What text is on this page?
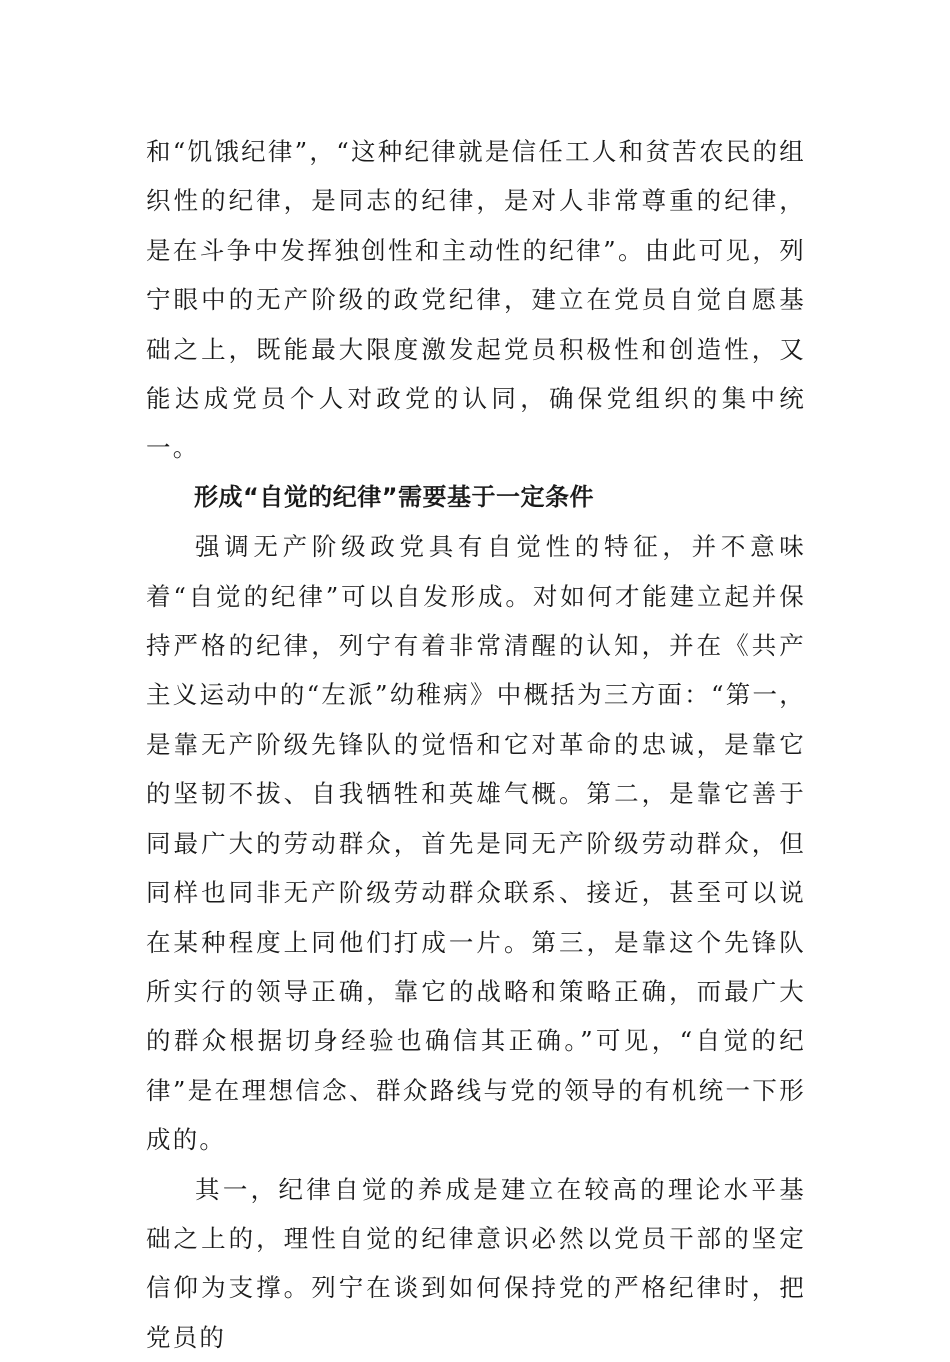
和“饥饿纪律”，“这种纪律就是信任工人和贫苦农民的组织性的纪律，是同志的纪律，是对人非常尊重的纪律，是在斗争中发挥独创性和主动性的纪律”。由此可见，列宁眼中的无产阶级的政党纪律，建立在党员自觉自愿基础之上，既能最大限度激发起党员积极性和创造性，又能达成党员个人对政党的认同，确保党组织的集中统一。

形成“自觉的纪律”需要基于一定条件

强调无产阶级政党具有自觉性的特征，并不意味着“自觉的纪律”可以自发形成。对如何才能建立起并保持严格的纪律，列宁有着非常清醒的认知，并在《共产主义运动中的“左派”幼稚病》中概括为三方面：“第一，是靠无产阶级先锋队的觉悟和它对革命的忠诚，是靠它的坚韧不拔、自我牺牲和英雄气概。第二，是靠它善于同最广大的劳动群众，首先是同无产阶级劳动群众，但同样也同非无产阶级劳动群众联系、接近，甚至可以说在某种程度上同他们打成一片。第三，是靠这个先锋队所实行的领导正确，靠它的战略和策略正确，而最广大的群众根据切身经验也确信其正确。”可见，“自觉的纪律”是在理想信念、群众路线与党的领导的有机统一下形成的。

其一，纪律自觉的养成是建立在较高的理论水平基础之上的，理性自觉的纪律意识必然以党员干部的坚定信仰为支撑。列宁在谈到如何保持党的严格纪律时，把党员的
